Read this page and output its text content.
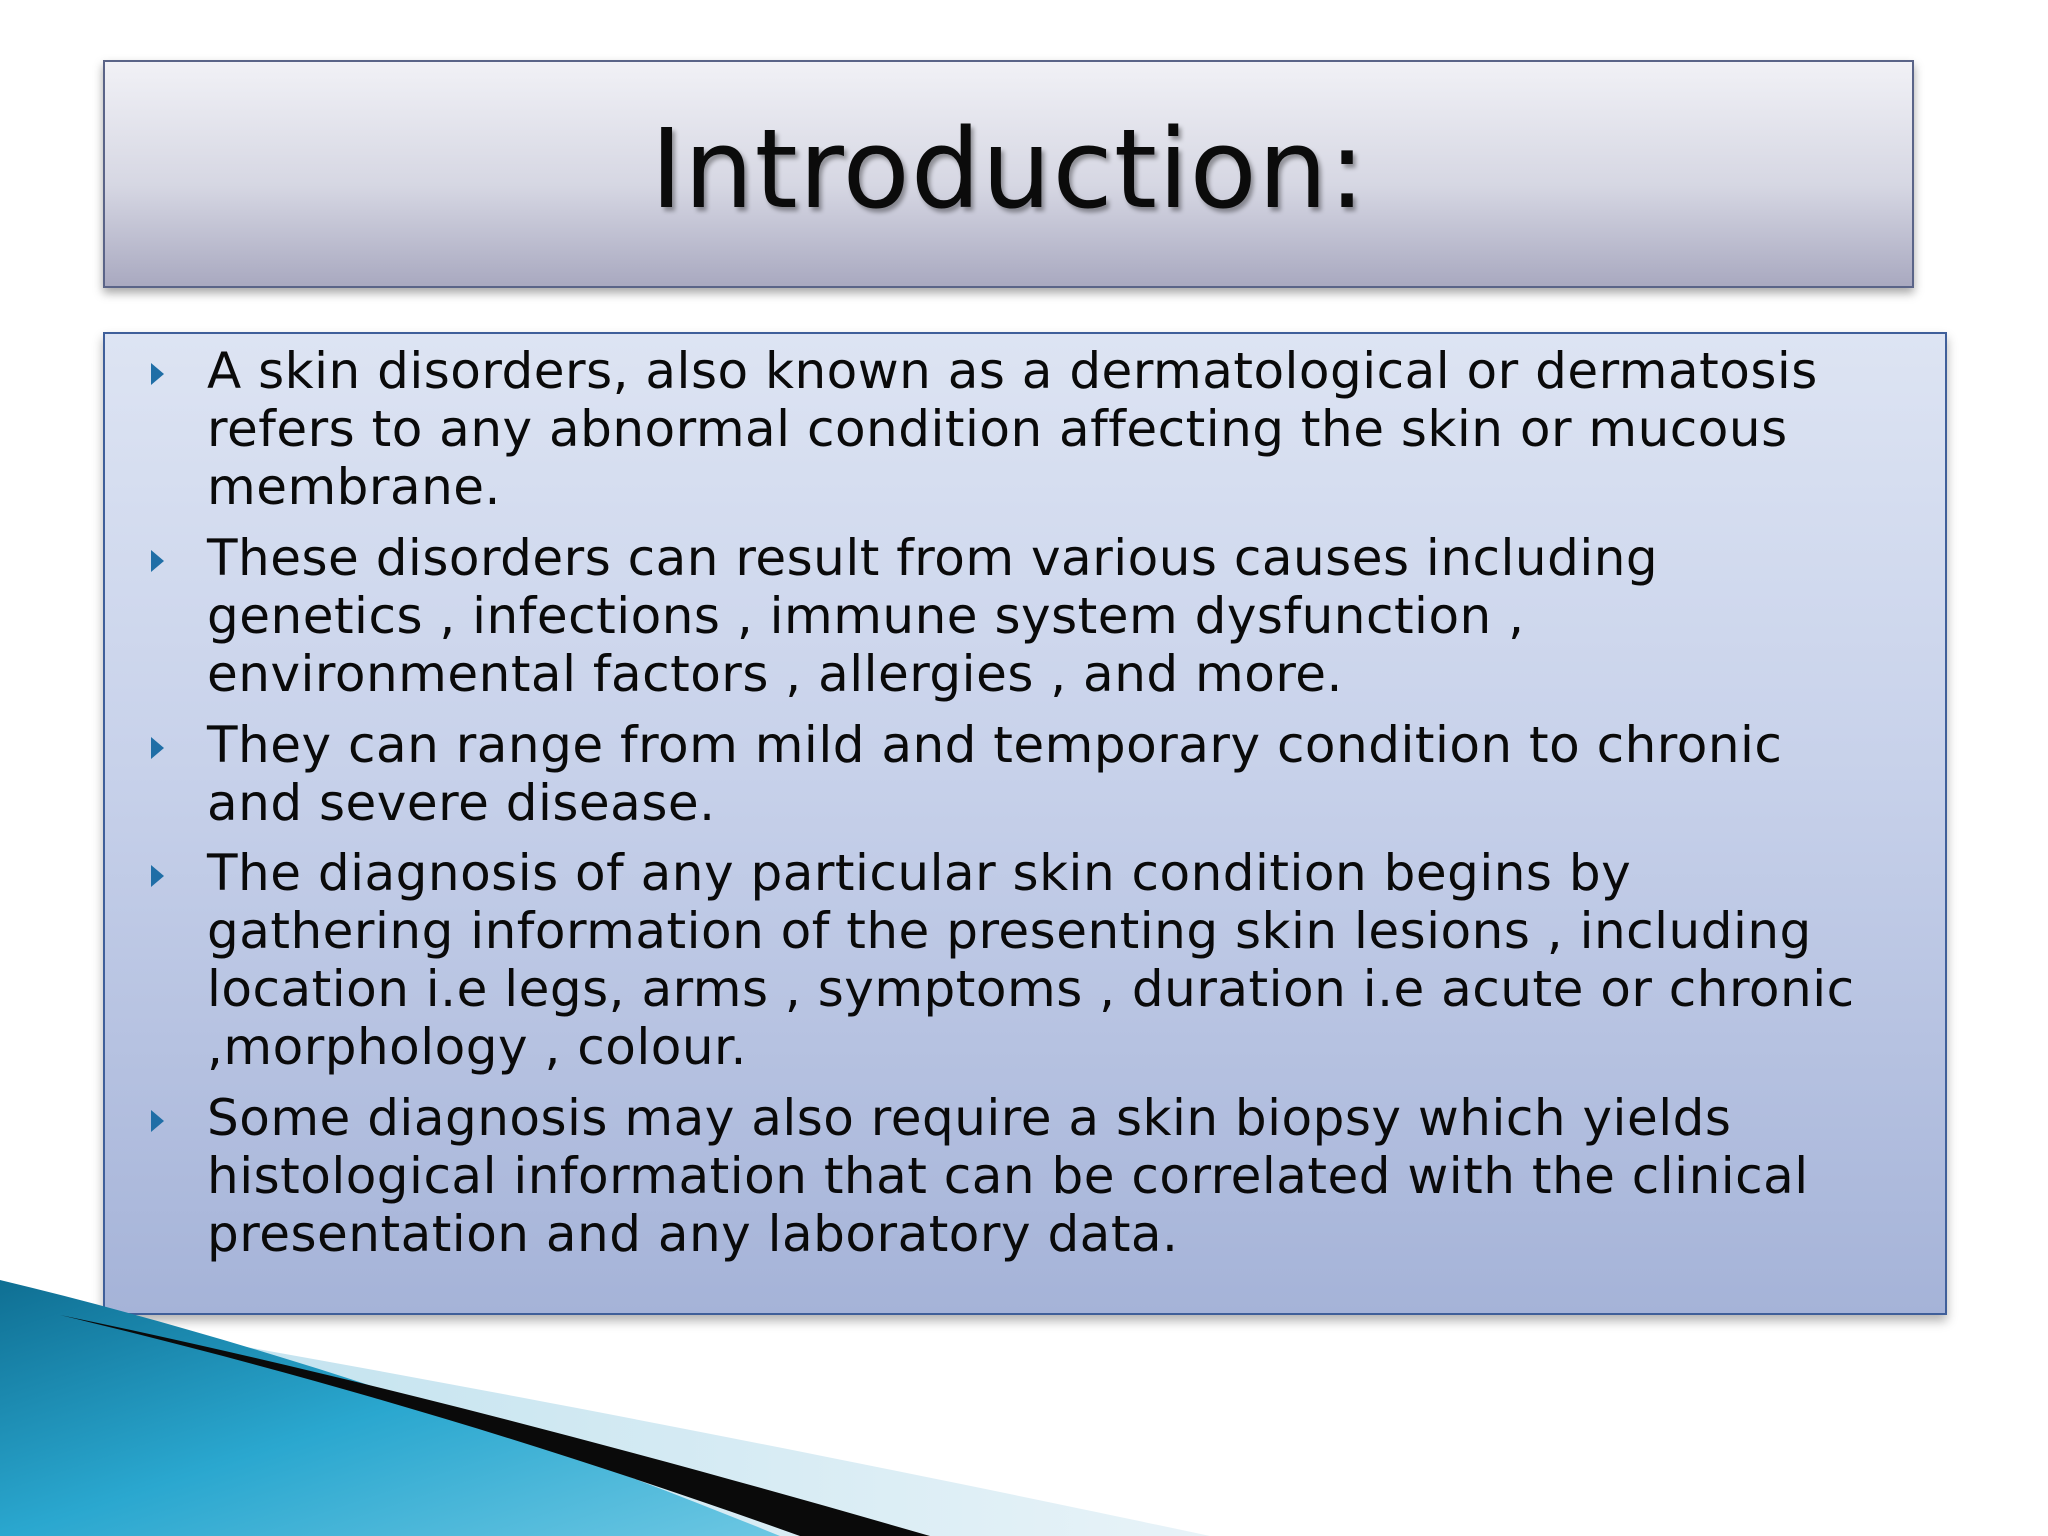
Introduction:
A skin disorders, also known as a dermatological or dermatosis
refers to any abnormal condition affecting the skin or mucous
membrane.
These disorders can result from various causes including
genetics , infections , immune system dysfunction ,
environmental factors , allergies , and more.
They can range from mild and temporary condition to chronic
and severe disease.
The diagnosis of any particular skin condition begins by
gathering information of the presenting skin lesions , including
location i.e legs, arms , symptoms , duration i.e acute or chronic
,morphology , colour.
Some diagnosis may also require a skin biopsy which yields
histological information that can be correlated with the clinical
presentation and any laboratory data.
